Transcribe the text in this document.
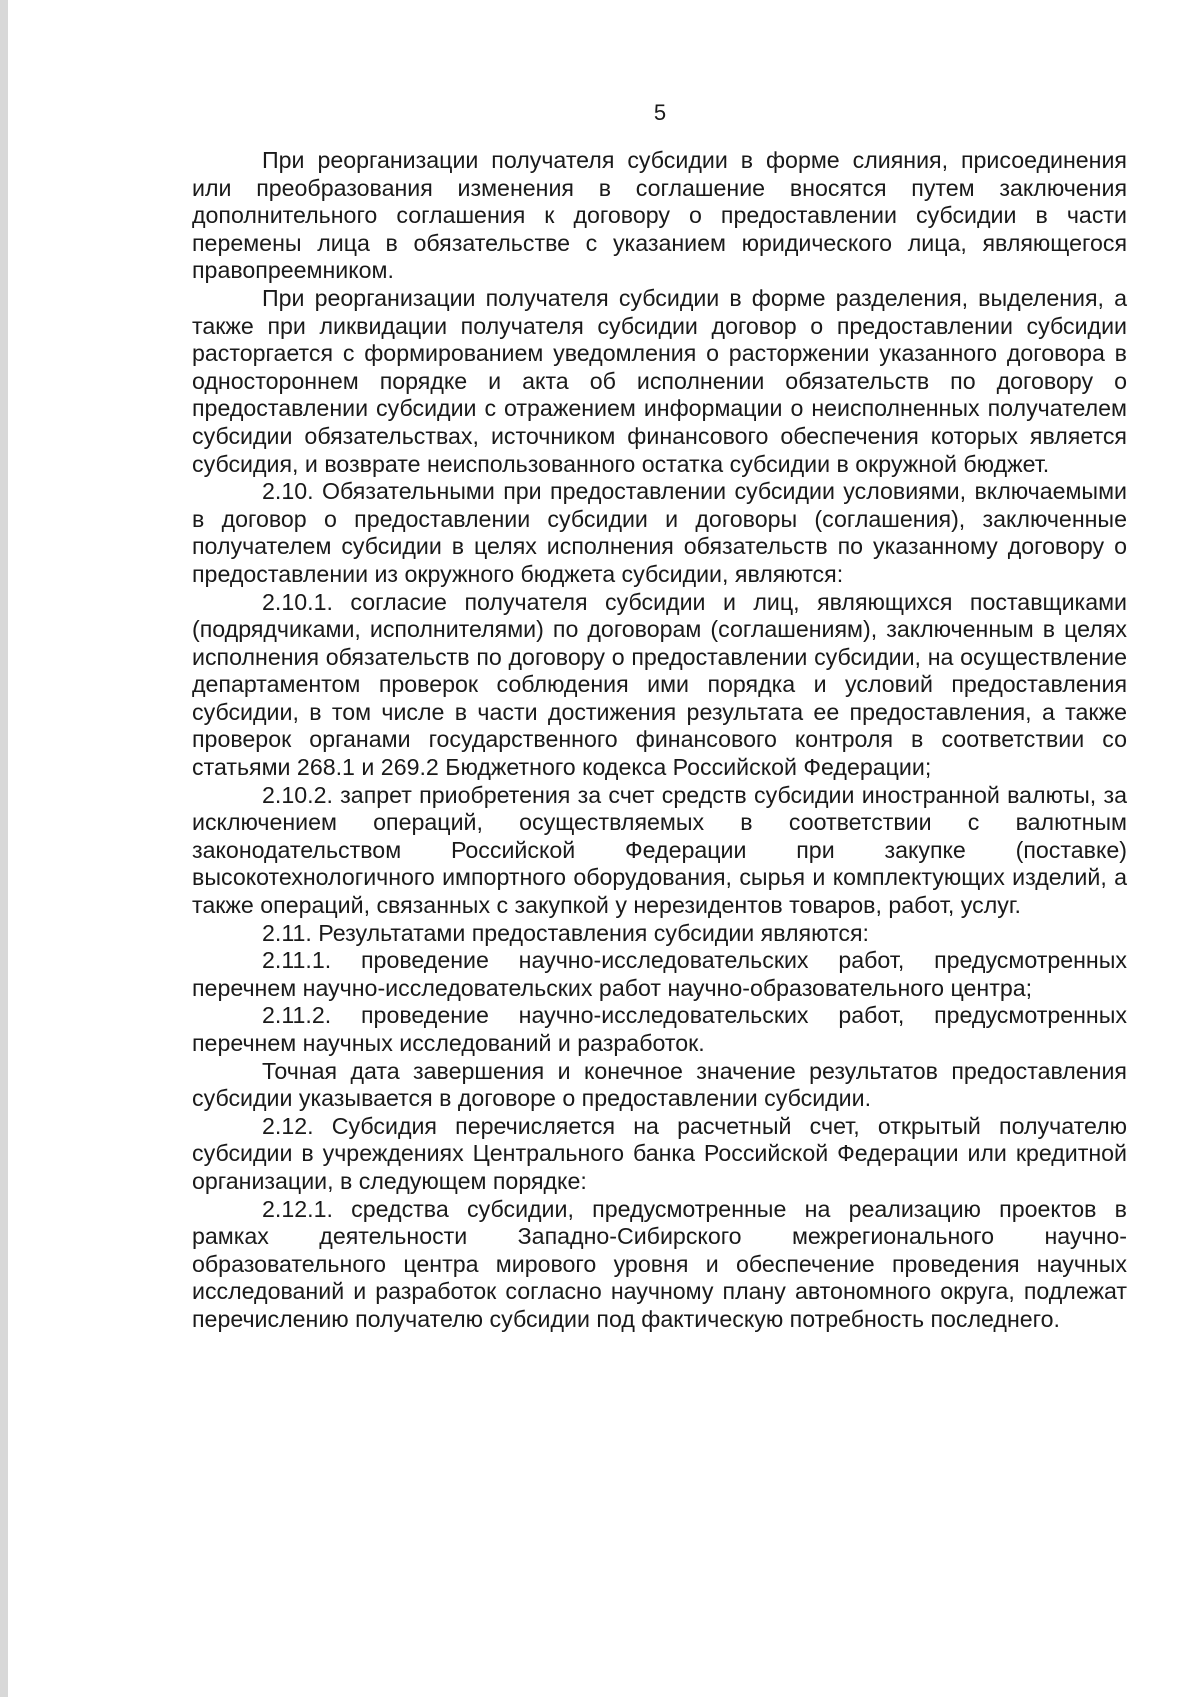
5

При реорганизации получателя субсидии в форме слияния, присоединения или преобразования изменения в соглашение вносятся путем заключения дополнительного соглашения к договору о предоставлении субсидии в части перемены лица в обязательстве с указанием юридического лица, являющегося правопреемником.

При реорганизации получателя субсидии в форме разделения, выделения, а также при ликвидации получателя субсидии договор о предоставлении субсидии расторгается с формированием уведомления о расторжении указанного договора в одностороннем порядке и акта об исполнении обязательств по договору о предоставлении субсидии с отражением информации о неисполненных получателем субсидии обязательствах, источником финансового обеспечения которых является субсидия, и возврате неиспользованного остатка субсидии в окружной бюджет.

2.10. Обязательными при предоставлении субсидии условиями, включаемыми в договор о предоставлении субсидии и договоры (соглашения), заключенные получателем субсидии в целях исполнения обязательств по указанному договору о предоставлении из окружного бюджета субсидии, являются:

2.10.1. согласие получателя субсидии и лиц, являющихся поставщиками (подрядчиками, исполнителями) по договорам (соглашениям), заключенным в целях исполнения обязательств по договору о предоставлении субсидии, на осуществление департаментом проверок соблюдения ими порядка и условий предоставления субсидии, в том числе в части достижения результата ее предоставления, а также проверок органами государственного финансового контроля в соответствии со статьями 268.1 и 269.2 Бюджетного кодекса Российской Федерации;

2.10.2. запрет приобретения за счет средств субсидии иностранной валюты, за исключением операций, осуществляемых в соответствии с валютным законодательством Российской Федерации при закупке (поставке) высокотехнологичного импортного оборудования, сырья и комплектующих изделий, а также операций, связанных с закупкой у нерезидентов товаров, работ, услуг.

2.11. Результатами предоставления субсидии являются:

2.11.1. проведение научно-исследовательских работ, предусмотренных перечнем научно-исследовательских работ научно-образовательного центра;

2.11.2. проведение научно-исследовательских работ, предусмотренных перечнем научных исследований и разработок.

Точная дата завершения и конечное значение результатов предоставления субсидии указывается в договоре о предоставлении субсидии.

2.12. Субсидия перечисляется на расчетный счет, открытый получателю субсидии в учреждениях Центрального банка Российской Федерации или кредитной организации, в следующем порядке:

2.12.1. средства субсидии, предусмотренные на реализацию проектов в рамках деятельности Западно-Сибирского межрегионального научно-образовательного центра мирового уровня и обеспечение проведения научных исследований и разработок согласно научному плану автономного округа, подлежат перечислению получателю субсидии под фактическую потребность последнего.
